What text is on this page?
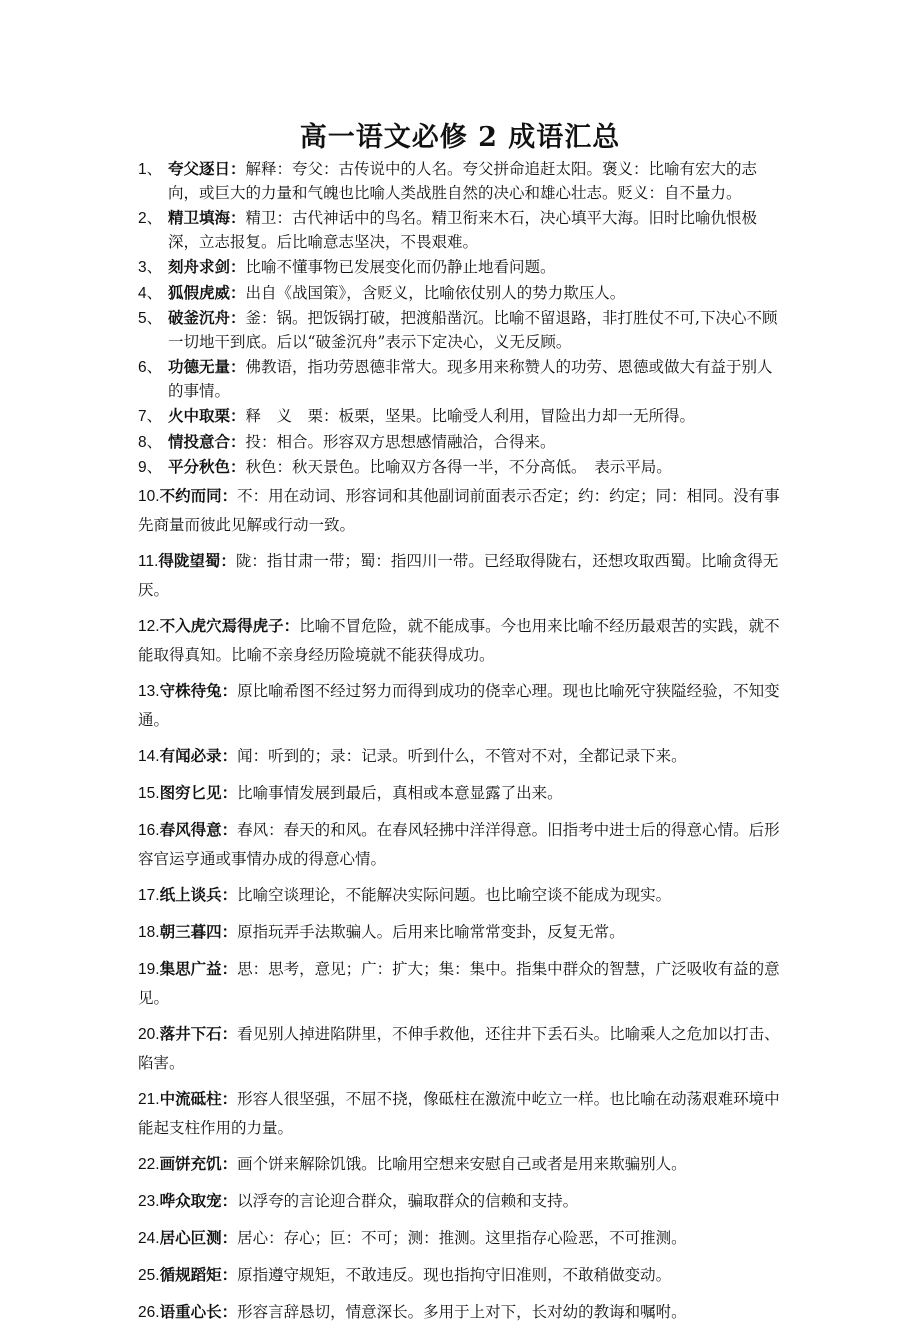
高一语文必修 2 成语汇总
1、 夸父逐日：解释：夸父：古传说中的人名。夸父拼命追赶太阳。褒义：比喻有宏大的志向，或巨大的力量和气魄也比喻人类战胜自然的决心和雄心壮志。贬义：自不量力。
2、 精卫填海：精卫：古代神话中的鸟名。精卫衔来木石，决心填平大海。旧时比喻仇恨极深，立志报复。后比喻意志坚决，不畏艰难。
3、 刻舟求剑：比喻不懂事物已发展变化而仍静止地看问题。
4、 狐假虎威：出自《战国策》，含贬义，比喻依仗别人的势力欺压人。
5、 破釜沉舟：釜：锅。把饭锅打破，把渡船凿沉。比喻不留退路，非打胜仗不可,下决心不顾一切地干到底。后以“破釜沉舟”表示下定决心，义无反顾。
6、 功德无量：佛教语，指功劳恩德非常大。现多用来称赞人的功劳、恩德或做大有益于别人的事情。
7、 火中取栗：释　义　栗：板栗，坚果。比喻受人利用，冒险出力却一无所得。
8、 情投意合：投：相合。形容双方思想感情融洽，合得来。
9、 平分秋色：秋色：秋天景色。比喻双方各得一半，不分高低。　表示平局。
10.不约而同：不：用在动词、形容词和其他副词前面表示否定；约：约定；同：相同。没有事先商量而彼此见解或行动一致。
11.得陇望蜀：陇：指甘肃一带；蜀：指四川一带。已经取得陇右，还想攻取西蜀。比喻贪得无厌。
12.不入虎穴焉得虎子：比喻不冒危险，就不能成事。今也用来比喻不经历最艰苦的实践，就不能取得真知。比喻不亲身经历险境就不能获得成功。
13.守株待兔：原比喻希图不经过努力而得到成功的侥幸心理。现也比喻死守狭隘经验，不知变通。
14.有闻必录：闻：听到的；录：记录。听到什么，不管对不对，全都记录下来。
15.图穷匕见：比喻事情发展到最后，真相或本意显露了出来。
16.春风得意：春风：春天的和风。在春风轻拂中洋洋得意。旧指考中进士后的得意心情。后形容官运亨通或事情办成的得意心情。
17.纸上谈兵：比喻空谈理论，不能解决实际问题。也比喻空谈不能成为现实。
18.朝三暮四：原指玩弄手法欺骗人。后用来比喻常常变卦，反复无常。
19.集思广益：思：思考，意见；广：扩大；集：集中。指集中群众的智慧，广泛吸收有益的意见。
20.落井下石：看见别人掉进陷阱里，不伸手救他，还往井下丢石头。比喻乘人之危加以打击、陷害。
21.中流砥柱：形容人很坚强，不屈不挠，像砥柱在激流中屹立一样。也比喻在动荡艰难环境中能起支柱作用的力量。
22.画饼充饥：画个饼来解除饥饿。比喻用空想来安慰自己或者是用来欺骗别人。
23.哗众取宠：以浮夸的言论迎合群众，骗取群众的信赖和支持。
24.居心叵测：居心：存心；叵：不可；测：推测。这里指存心险恶，不可推测。
25.循规蹈矩：原指遵守规矩，不敢违反。现也指拘守旧准则，不敢稍做变动。
26.语重心长：形容言辞恳切，情意深长。多用于上对下，长对幼的教诲和嘱咐。
